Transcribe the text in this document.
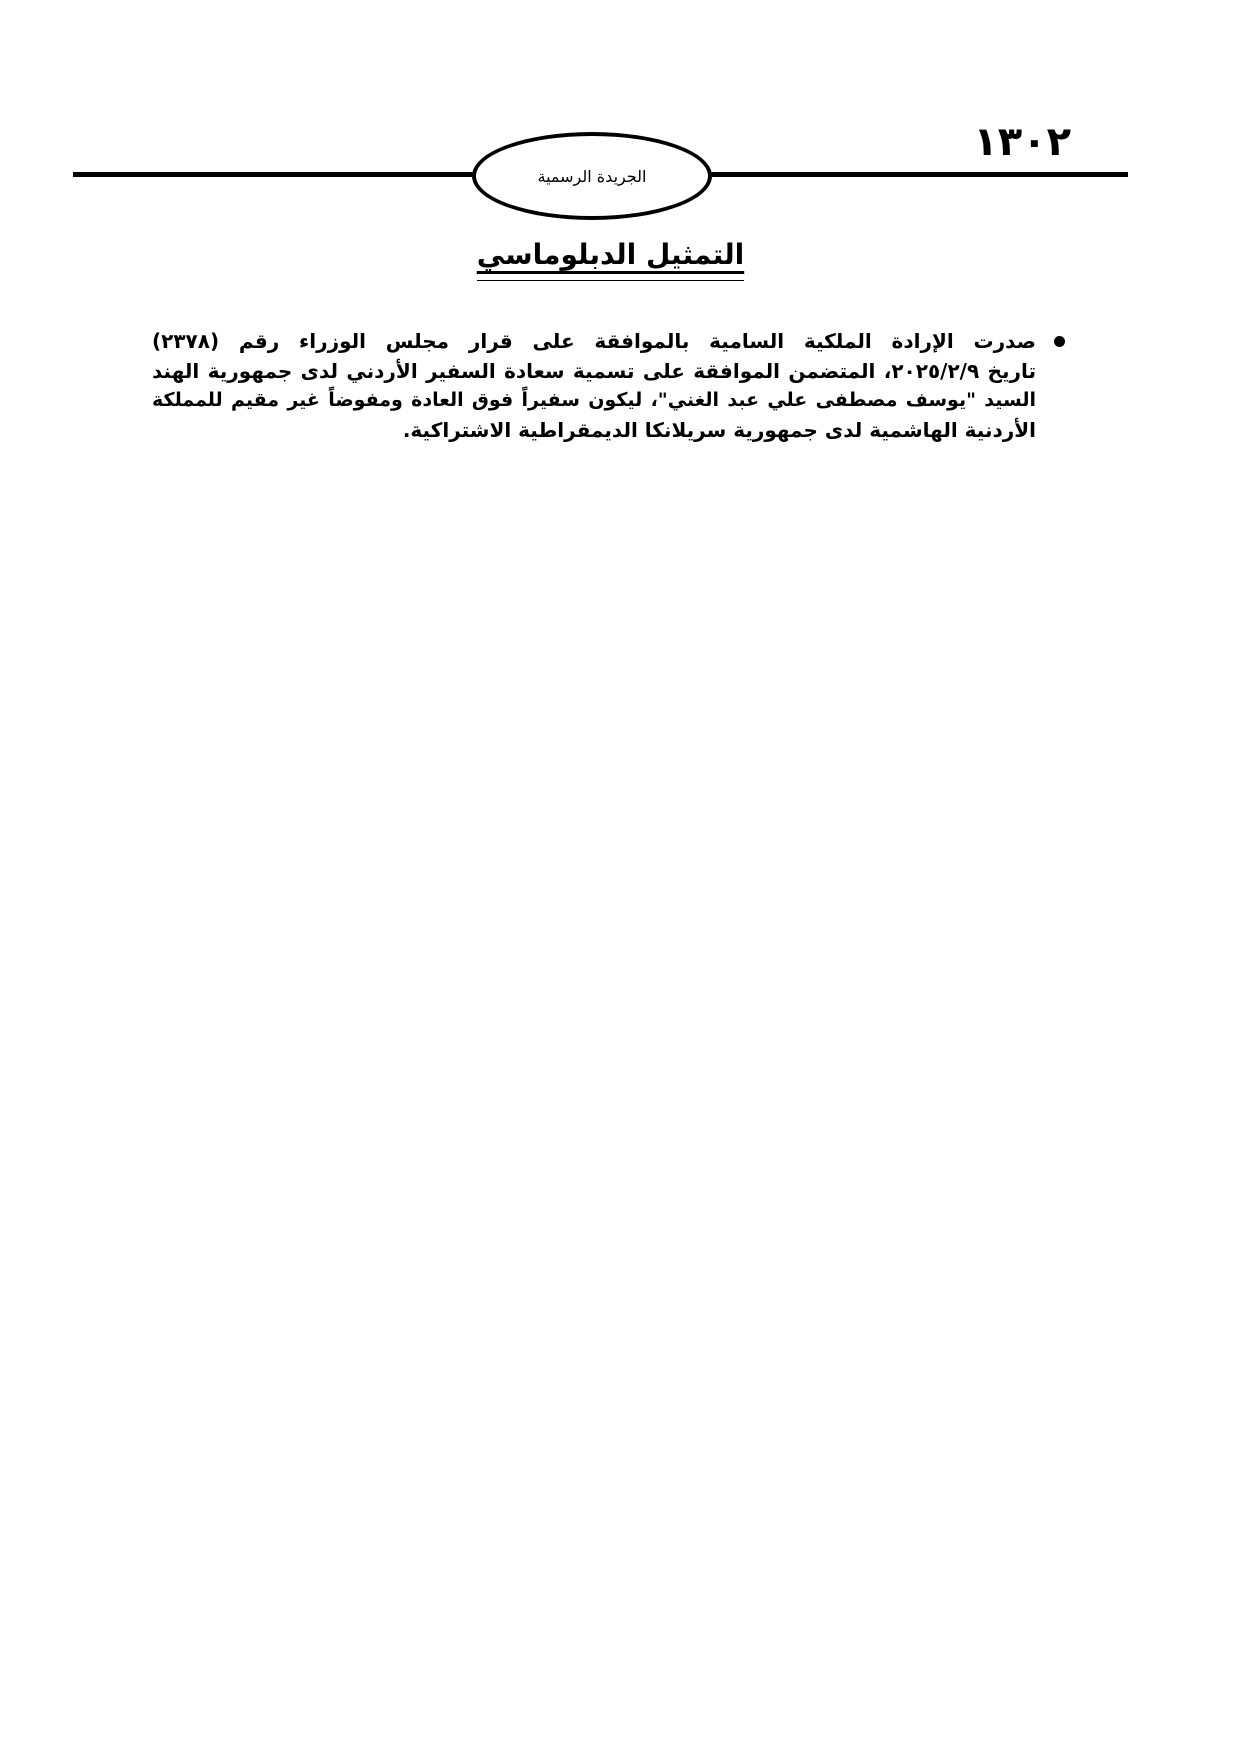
١٣٠٢
الجريدة الرسمية
التمثيل الدبلوماسي
صدرت الإرادة الملكية السامية بالموافقة على قرار مجلس الوزراء رقم (٢٣٧٨)
تاريخ ٢٠٢٥/٢/٩، المتضمن الموافقة على تسمية سعادة السفير الأردني لدى جمهورية الهند
السيد "يوسف مصطفى علي عبد الغني"، ليكون سفيراً فوق العادة ومفوضاً غير مقيم للمملكة
الأردنية الهاشمية لدى جمهورية سريلانكا الديمقراطية الاشتراكية.
